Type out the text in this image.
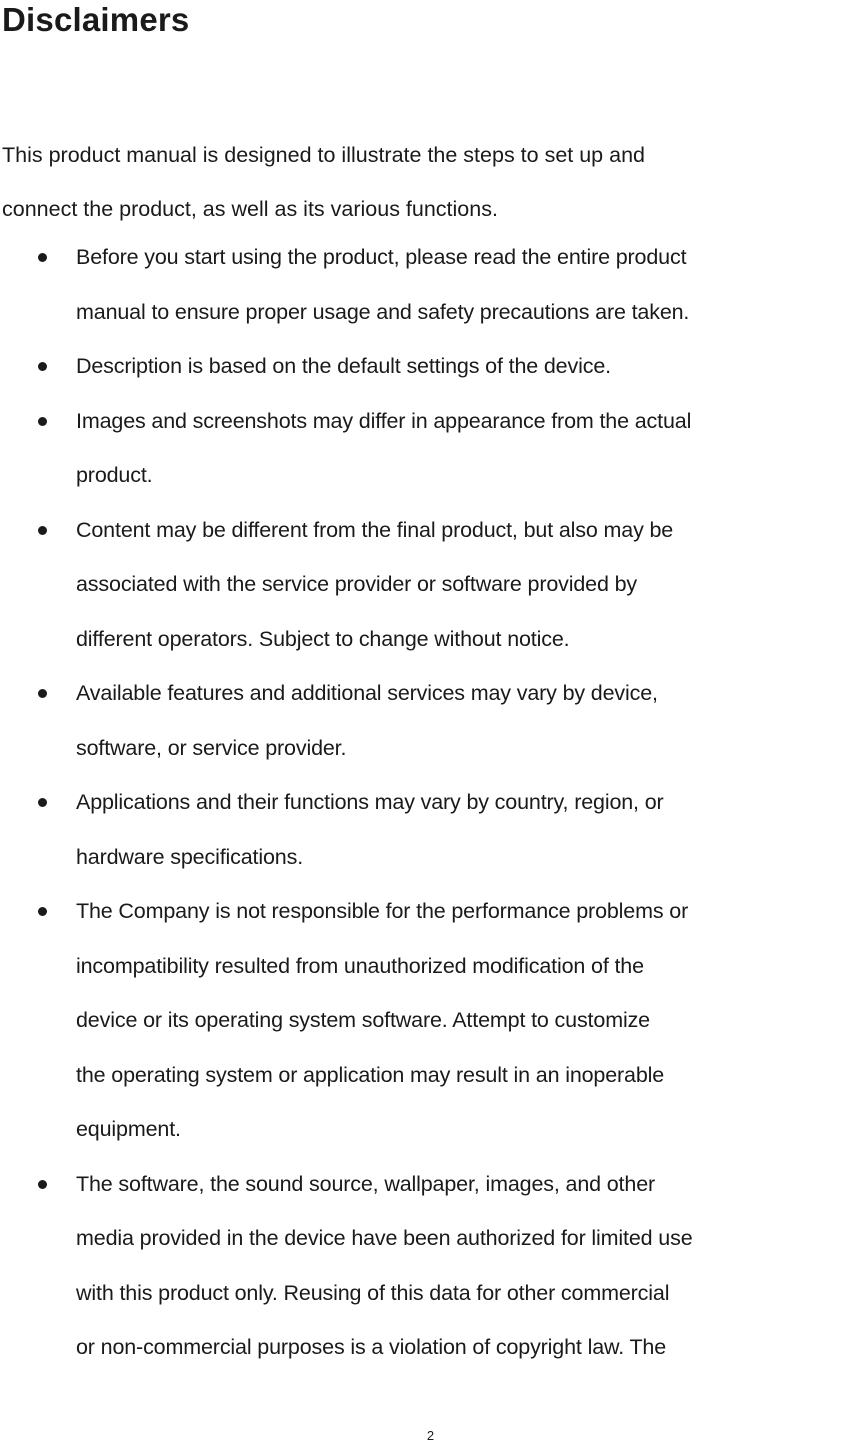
Disclaimers

This product manual is designed to illustrate the steps to set up and
connect the product, as well as its various functions.

Before you start using the product, please read the entire product
manual to ensure proper usage and safety precautions are taken.
Description is based on the default settings of the device.
Images and screenshots may differ in appearance from the actual
product.
Content may be different from the final product, but also may be
associated with the service provider or software provided by
different operators. Subject to change without notice.
Available features and additional services may vary by device,
software, or service provider.
Applications and their functions may vary by country, region, or
hardware specifications.
The Company is not responsible for the performance problems or
incompatibility resulted from unauthorized modification of the
device or its operating system software. Attempt to customize
the operating system or application may result in an inoperable
equipment.
The software, the sound source, wallpaper, images, and other
media provided in the device have been authorized for limited use
with this product only. Reusing of this data for other commercial
or non-commercial purposes is a violation of copyright law. The
2
